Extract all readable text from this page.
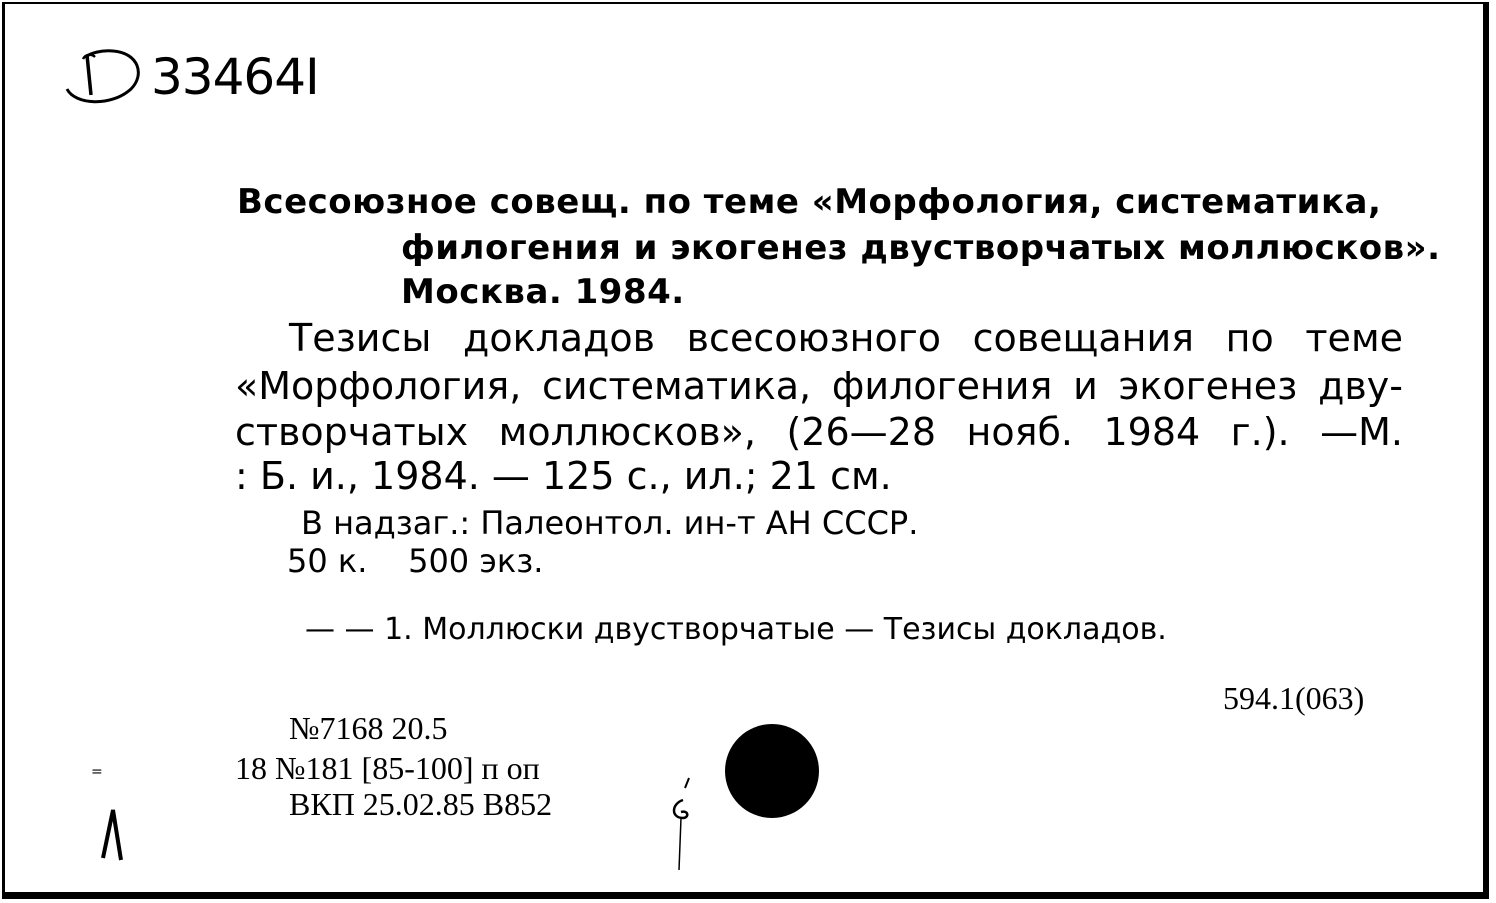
33464I
Всесоюзное совещ. по теме «Морфология, систематика,
филогения и экогенез двустворчатых моллюсков».
Москва. 1984.
Тезисы докладов всесоюзного совещания по теме
«Морфология, систематика, филогения и экогенез дву-
створчатых моллюсков», (26—28 нояб. 1984 г.). —М.
: Б. и., 1984. — 125 с., ил.; 21 см.
В надзаг.: Палеонтол. ин-т АН СССР.
50 к.    500 экз.
— — 1. Моллюски двустворчатые — Тезисы докладов.
594.1(063)
№7168 20.5
18 №181 [85-100] п оп
ВКП 25.02.85 В852
=
